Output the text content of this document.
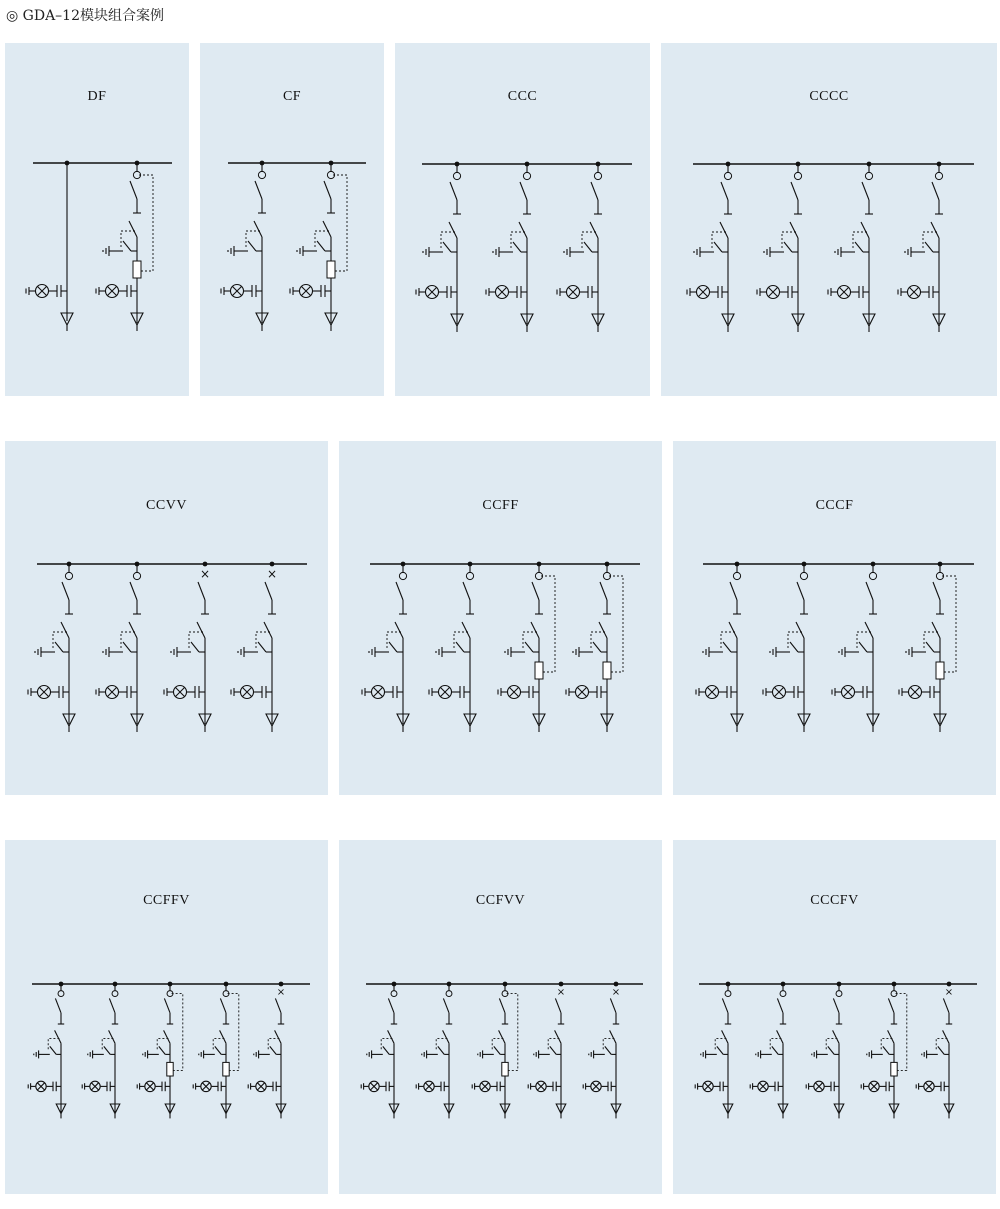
◎ GDA–12模块组合案例
DF	CF	CCC	CCCC
CCVV
×	×
CCFF	CCCF
CCFFV
×
CCFVV
×	×
CCCFV
×
